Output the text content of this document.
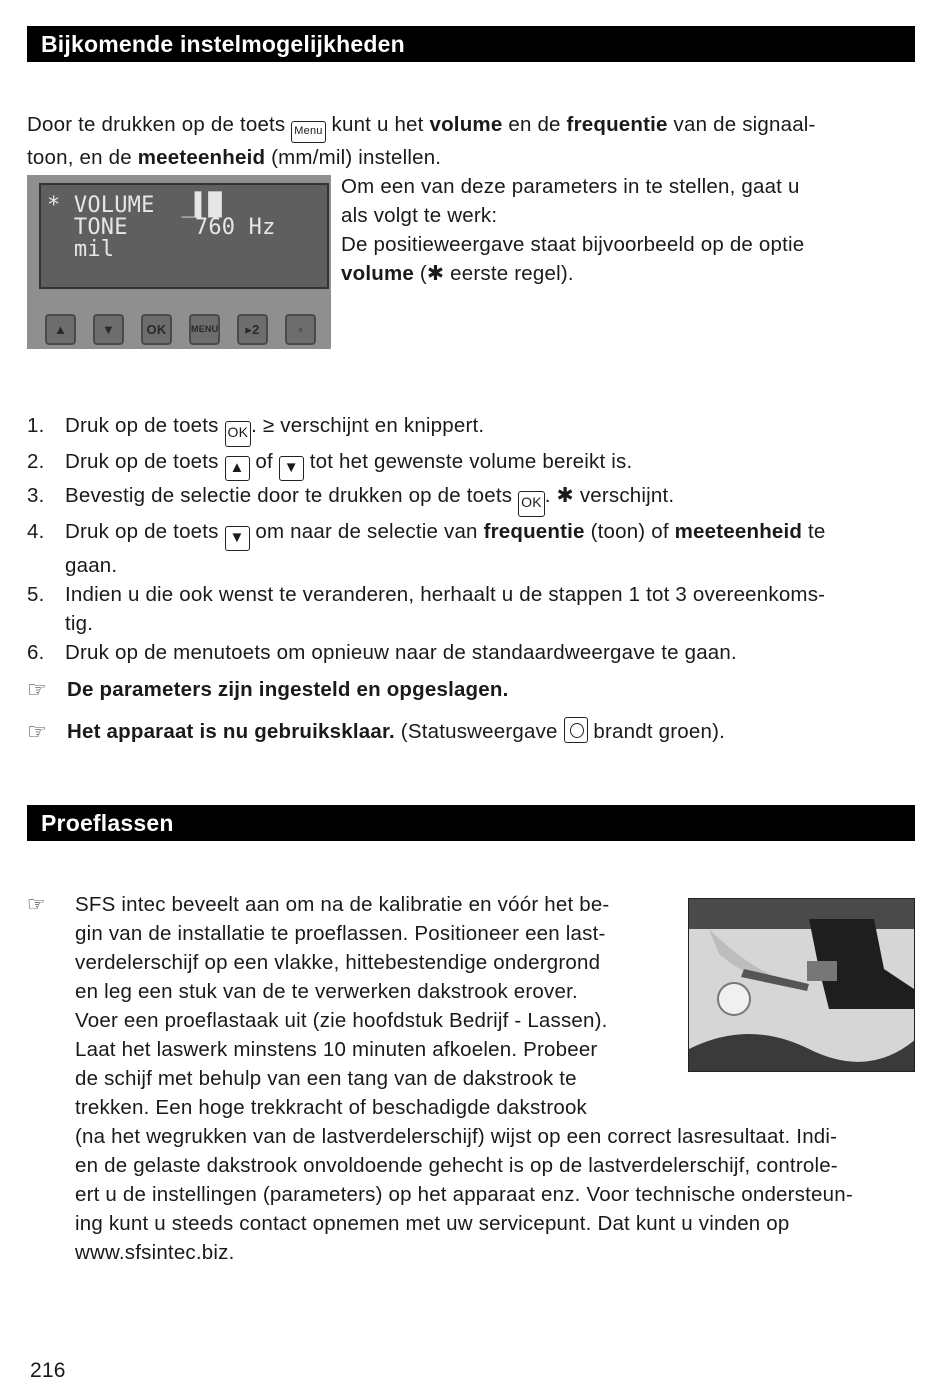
Bijkomende instelmogelijkheden
Door te drukken op de toets Menu kunt u het volume en de frequentie van de signaal-
toon, en de meeteenheid (mm/mil) instellen.
* VOLUME  _▌█
TONE     760 Hz
mil
▲	▼	OK	MENU	▸2	◦
Om een van deze parameters in te stellen, gaat u
als volgt te werk:
De positieweergave staat bijvoorbeeld op de optie
volume (✱ eerste regel).
1. Druk op de toets OK . ≥ verschijnt en knippert.
2. Druk op de toets ▲ of ▼ tot het gewenste volume bereikt is.
3. Bevestig de selectie door te drukken op de toets OK . ✱ verschijnt.
4. Druk op de toets ▼ om naar de selectie van frequentie (toon) of meeteenheid te
gaan.
5. Indien u die ook wenst te veranderen, herhaalt u de stappen 1 tot 3 overeenkoms-
tig.
6. Druk op de menutoets om opnieuw naar de standaardweergave te gaan.
☞ De parameters zijn ingesteld en opgeslagen.
☞ Het apparaat is nu gebruiksklaar. (Statusweergave  brandt groen).
Proeflassen
☞ SFS intec beveelt aan om na de kalibratie en vóór het be-
gin van de installatie te proeflassen. Positioneer een last-
verdelerschijf op een vlakke, hittebestendige ondergrond
en leg een stuk van de te verwerken dakstrook erover.
Voer een proeflastaak uit (zie hoofdstuk Bedrijf - Lassen).
Laat het laswerk minstens 10 minuten afkoelen. Probeer
de schijf met behulp van een tang van de dakstrook te
trekken. Een hoge trekkracht of beschadigde dakstrook
(na het wegrukken van de lastverdelerschijf) wijst op een correct lasresultaat. Indi-
en de gelaste dakstrook onvoldoende gehecht is op de lastverdelerschijf, controle-
ert u de instellingen (parameters) op het apparaat enz. Voor technische ondersteun-
ing kunt u steeds contact opnemen met uw servicepunt. Dat kunt u vinden op
www.sfsintec.biz.
216
